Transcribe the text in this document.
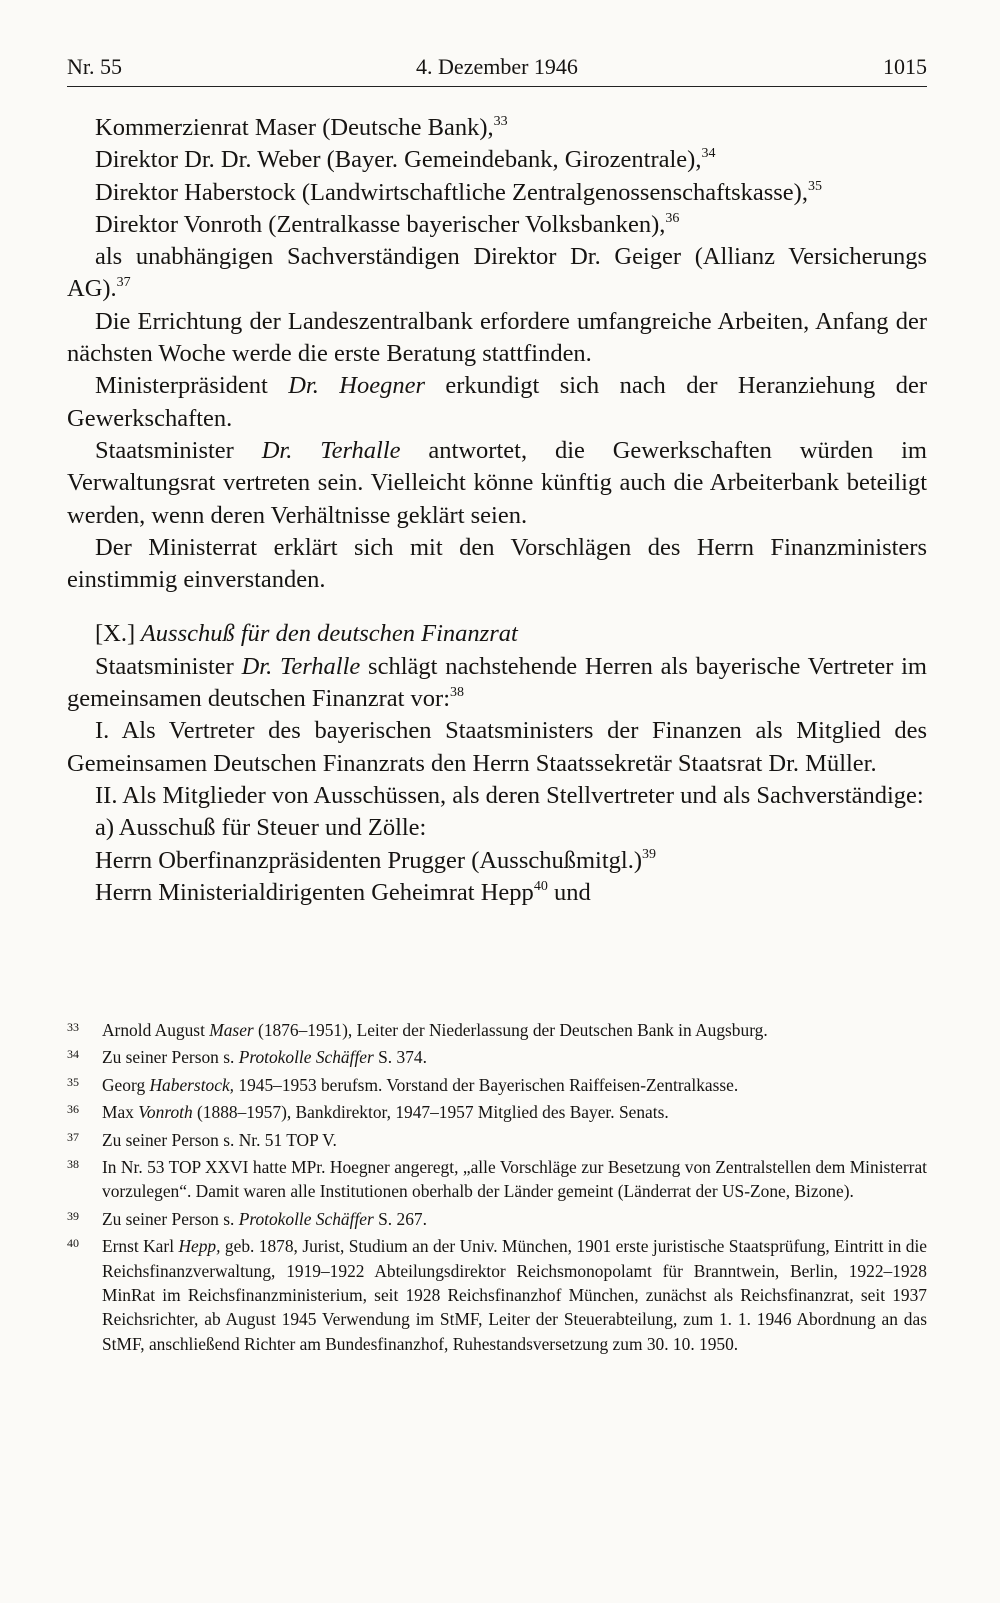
Nr. 55	4. Dezember 1946	1015

Kommerzienrat Maser (Deutsche Bank),$^{33}$

Direktor Dr. Dr. Weber (Bayer. Gemeindebank, Girozentrale),$^{34}$

Direktor Haberstock (Landwirtschaftliche Zentralgenossenschaftskasse),$^{35}$

Direktor Vonroth (Zentralkasse bayerischer Volksbanken),$^{36}$

als unabhängigen Sachverständigen Direktor Dr. Geiger (Allianz Versicherungs AG).$^{37}$

Die Errichtung der Landeszentralbank erfordere umfangreiche Arbeiten, Anfang der nächsten Woche werde die erste Beratung stattfinden.

Ministerpräsident Dr. Hoegner erkundigt sich nach der Heranziehung der Gewerkschaften.

Staatsminister Dr. Terhalle antwortet, die Gewerkschaften würden im Verwaltungsrat vertreten sein. Vielleicht könne künftig auch die Arbeiterbank beteiligt werden, wenn deren Verhältnisse geklärt seien.

Der Ministerrat erklärt sich mit den Vorschlägen des Herrn Finanzministers einstimmig einverstanden.

[X.] Ausschuß für den deutschen Finanzrat

Staatsminister Dr. Terhalle schlägt nachstehende Herren als bayerische Vertreter im gemeinsamen deutschen Finanzrat vor:$^{38}$

I. Als Vertreter des bayerischen Staatsministers der Finanzen als Mitglied des Gemeinsamen Deutschen Finanzrats den Herrn Staatssekretär Staatsrat Dr. Müller.

II. Als Mitglieder von Ausschüssen, als deren Stellvertreter und als Sachverständige:

a) Ausschuß für Steuer und Zölle:

Herrn Oberfinanzpräsidenten Prugger (Ausschußmitgl.)$^{39}$

Herrn Ministerialdirigenten Geheimrat Hepp$^{40}$ und

33 Arnold August Maser (1876–1951), Leiter der Niederlassung der Deutschen Bank in Augsburg.
34 Zu seiner Person s. Protokolle Schäffer S. 374.
35 Georg Haberstock, 1945–1953 berufsm. Vorstand der Bayerischen Raiffeisen-Zentralkasse.
36 Max Vonroth (1888–1957), Bankdirektor, 1947–1957 Mitglied des Bayer. Senats.
37 Zu seiner Person s. Nr. 51 TOP V.
38 In Nr. 53 TOP XXVI hatte MPr. Hoegner angeregt, „alle Vorschläge zur Besetzung von Zentralstellen dem Ministerrat vorzulegen“. Damit waren alle Institutionen oberhalb der Länder gemeint (Länderrat der US-Zone, Bizone).
39 Zu seiner Person s. Protokolle Schäffer S. 267.
40 Ernst Karl Hepp, geb. 1878, Jurist, Studium an der Univ. München, 1901 erste juristische Staatsprüfung, Eintritt in die Reichsfinanzverwaltung, 1919–1922 Abteilungsdirektor Reichsmonopolamt für Branntwein, Berlin, 1922–1928 MinRat im Reichsfinanzministerium, seit 1928 Reichsfinanzhof München, zunächst als Reichsfinanzrat, seit 1937 Reichsrichter, ab August 1945 Verwendung im StMF, Leiter der Steuerabteilung, zum 1. 1. 1946 Abordnung an das StMF, anschließend Richter am Bundesfinanzhof, Ruhestandsversetzung zum 30. 10. 1950.
